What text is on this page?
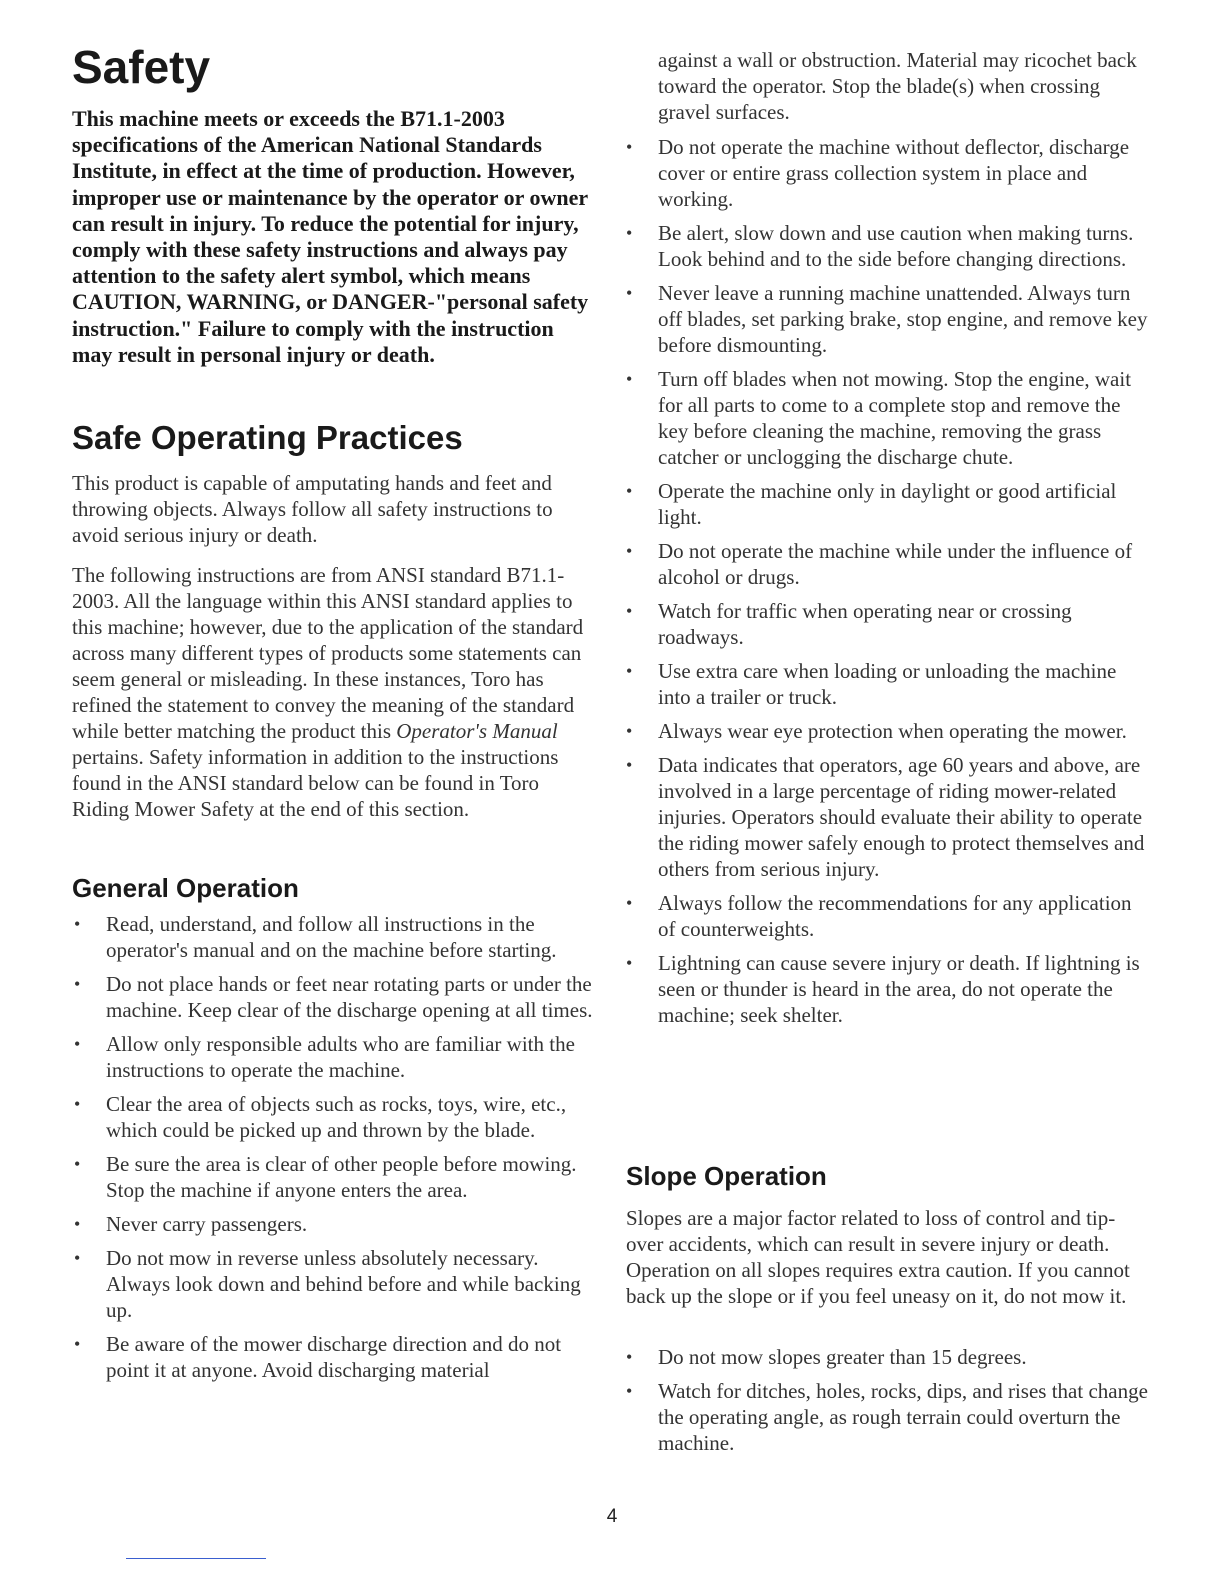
Safety

This machine meets or exceeds the B71.1-2003 specifications of the American National Standards Institute, in effect at the time of production. However, improper use or maintenance by the operator or owner can result in injury. To reduce the potential for injury, comply with these safety instructions and always pay attention to the safety alert symbol, which means CAUTION, WARNING, or DANGER-"personal safety instruction." Failure to comply with the instruction may result in personal injury or death.

Safe Operating Practices

This product is capable of amputating hands and feet and throwing objects. Always follow all safety instructions to avoid serious injury or death.

The following instructions are from ANSI standard B71.1-2003. All the language within this ANSI standard applies to this machine; however, due to the application of the standard across many different types of products some statements can seem general or misleading. In these instances, Toro has refined the statement to convey the meaning of the standard while better matching the product this Operator's Manual pertains. Safety information in addition to the instructions found in the ANSI standard below can be found in Toro Riding Mower Safety at the end of this section.

General Operation
• Read, understand, and follow all instructions in the operator's manual and on the machine before starting.
• Do not place hands or feet near rotating parts or under the machine. Keep clear of the discharge opening at all times.
• Allow only responsible adults who are familiar with the instructions to operate the machine.
• Clear the area of objects such as rocks, toys, wire, etc., which could be picked up and thrown by the blade.
• Be sure the area is clear of other people before mowing. Stop the machine if anyone enters the area.
• Never carry passengers.
• Do not mow in reverse unless absolutely necessary. Always look down and behind before and while backing up.
• Be aware of the mower discharge direction and do not point it at anyone. Avoid discharging material

against a wall or obstruction. Material may ricochet back toward the operator. Stop the blade(s) when crossing gravel surfaces.

• Do not operate the machine without deflector, discharge cover or entire grass collection system in place and working.
• Be alert, slow down and use caution when making turns. Look behind and to the side before changing directions.
• Never leave a running machine unattended. Always turn off blades, set parking brake, stop engine, and remove key before dismounting.
• Turn off blades when not mowing. Stop the engine, wait for all parts to come to a complete stop and remove the key before cleaning the machine, removing the grass catcher or unclogging the discharge chute.
• Operate the machine only in daylight or good artificial light.
• Do not operate the machine while under the influence of alcohol or drugs.
• Watch for traffic when operating near or crossing roadways.
• Use extra care when loading or unloading the machine into a trailer or truck.
• Always wear eye protection when operating the mower.
• Data indicates that operators, age 60 years and above, are involved in a large percentage of riding mower-related injuries. Operators should evaluate their ability to operate the riding mower safely enough to protect themselves and others from serious injury.
• Always follow the recommendations for any application of counterweights.
• Lightning can cause severe injury or death. If lightning is seen or thunder is heard in the area, do not operate the machine; seek shelter.
Slope Operation

Slopes are a major factor related to loss of control and tip-over accidents, which can result in severe injury or death. Operation on all slopes requires extra caution. If you cannot back up the slope or if you feel uneasy on it, do not mow it.

• Do not mow slopes greater than 15 degrees.
• Watch for ditches, holes, rocks, dips, and rises that change the operating angle, as rough terrain could overturn the machine.
4
